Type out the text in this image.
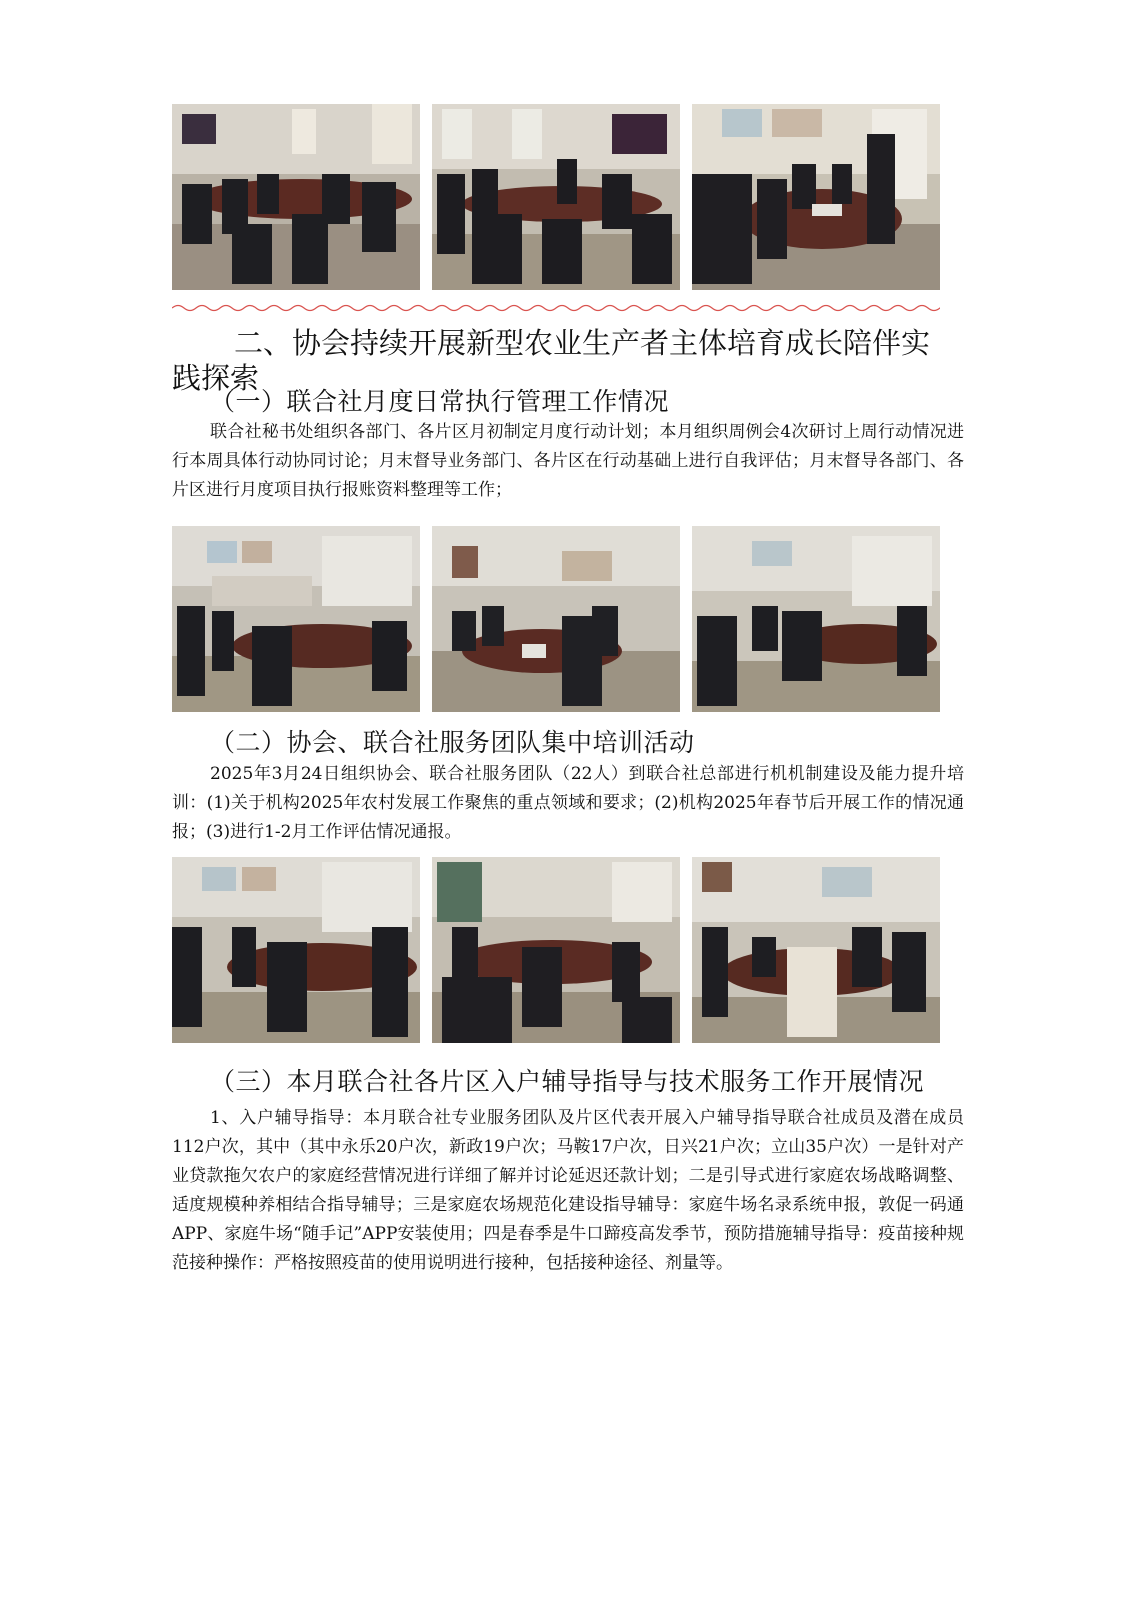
二、协会持续开展新型农业生产者主体培育成长陪伴实
践探索
（一）联合社月度日常执行管理工作情况

联合社秘书处组织各部门、各片区月初制定月度行动计划；本月组织周例会4次研讨上周行动情况进行本周具体行动协同讨论；月末督导业务部门、各片区在行动基础上进行自我评估；月末督导各部门、各片区进行月度项目执行报账资料整理等工作；

（二）协会、联合社服务团队集中培训活动

2025年3月24日组织协会、联合社服务团队（22人）到联合社总部进行机机制建设及能力提升培训：(1)关于机构2025年农村发展工作聚焦的重点领域和要求；(2)机构2025年春节后开展工作的情况通报；(3)进行1-2月工作评估情况通报。

（三）本月联合社各片区入户辅导指导与技术服务工作开展情况

1、入户辅导指导：本月联合社专业服务团队及片区代表开展入户辅导指导联合社成员及潜在成员112户次，其中（其中永乐20户次，新政19户次；马鞍17户次，日兴21户次；立山35户次）一是针对产业贷款拖欠农户的家庭经营情况进行详细了解并讨论延迟还款计划；二是引导式进行家庭农场战略调整、适度规模种养相结合指导辅导；三是家庭农场规范化建设指导辅导：家庭牛场名录系统申报，敦促一码通APP、家庭牛场“随手记”APP安装使用；四是春季是牛口蹄疫高发季节，预防措施辅导指导：疫苗接种规范接种操作：严格按照疫苗的使用说明进行接种，包括接种途径、剂量等。
